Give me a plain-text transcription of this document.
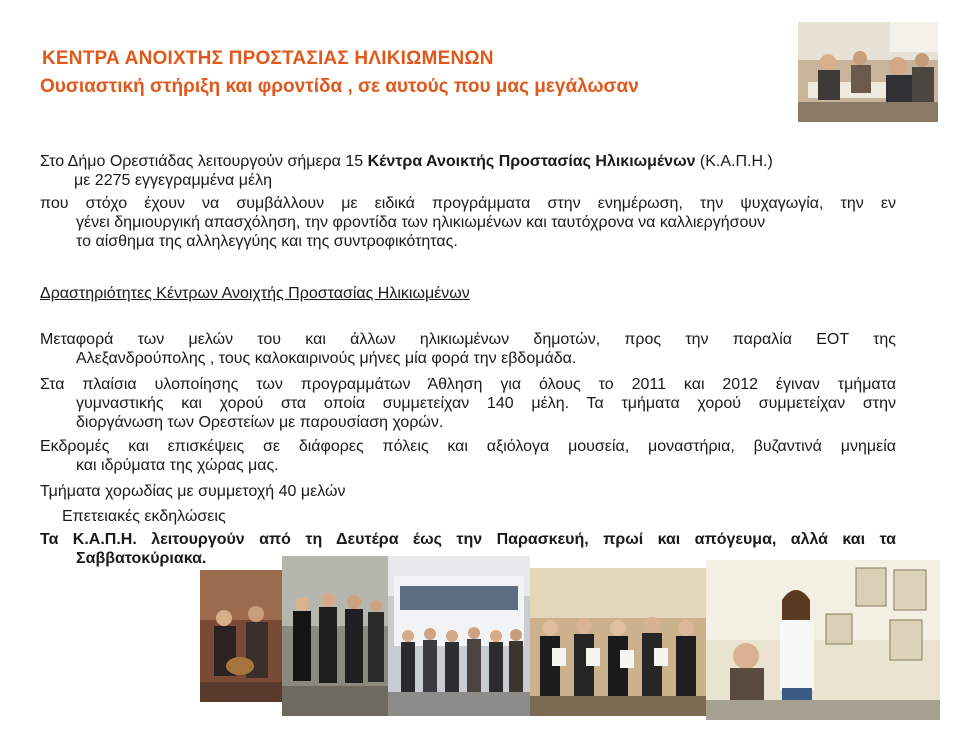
ΚΕΝΤΡΑ ΑΝΟΙΧΤΗΣ ΠΡΟΣΤΑΣΙΑΣ ΗΛΙΚΙΩΜΕΝΩΝ
Ουσιαστική στήριξη και φροντίδα , σε αυτούς που μας μεγάλωσαν
Στο Δήμο Ορεστιάδας λειτουργούν σήμερα 15 Κέντρα Ανοικτής Προστασίας Ηλικιωμένων (Κ.Α.Π.Η.)
με 2275 εγγεγραμμένα μέλη
που στόχο έχουν να συμβάλλουν με ειδικά προγράμματα στην ενημέρωση, την ψυχαγωγία, την εν
γένει δημιουργική απασχόληση, την φροντίδα των ηλικιωμένων και ταυτόχρονα να καλλιεργήσουν
το αίσθημα της αλληλεγγύης και της συντροφικότητας.
Δραστηριότητες Κέντρων Ανοιχτής Προστασίας Ηλικιωμένων
Μεταφορά των μελών του και άλλων ηλικιωμένων δημοτών, προς την παραλία ΕΟΤ της
Αλεξανδρούπολης , τους καλοκαιρινούς μήνες μία φορά την εβδομάδα.
Στα πλαίσια υλοποίησης των προγραμμάτων Άθληση για όλους το 2011 και 2012 έγιναν τμήματα
γυμναστικής και χορού στα οποία συμμετείχαν 140 μέλη. Τα τμήματα χορού συμμετείχαν στην
διοργάνωση των Ορεστείων με παρουσίαση χορών.
Εκδρομές και επισκέψεις σε διάφορες πόλεις και αξιόλογα μουσεία, μοναστήρια, βυζαντινά μνημεία
και ιδρύματα της χώρας μας.
Τμήματα χορωδίας με συμμετοχή 40 μελών
Επετειακές εκδηλώσεις
Τα Κ.Α.Π.Η. λειτουργούν από τη Δευτέρα έως την Παρασκευή, πρωί και απόγευμα, αλλά και τα
Σαββατοκύριακα.
